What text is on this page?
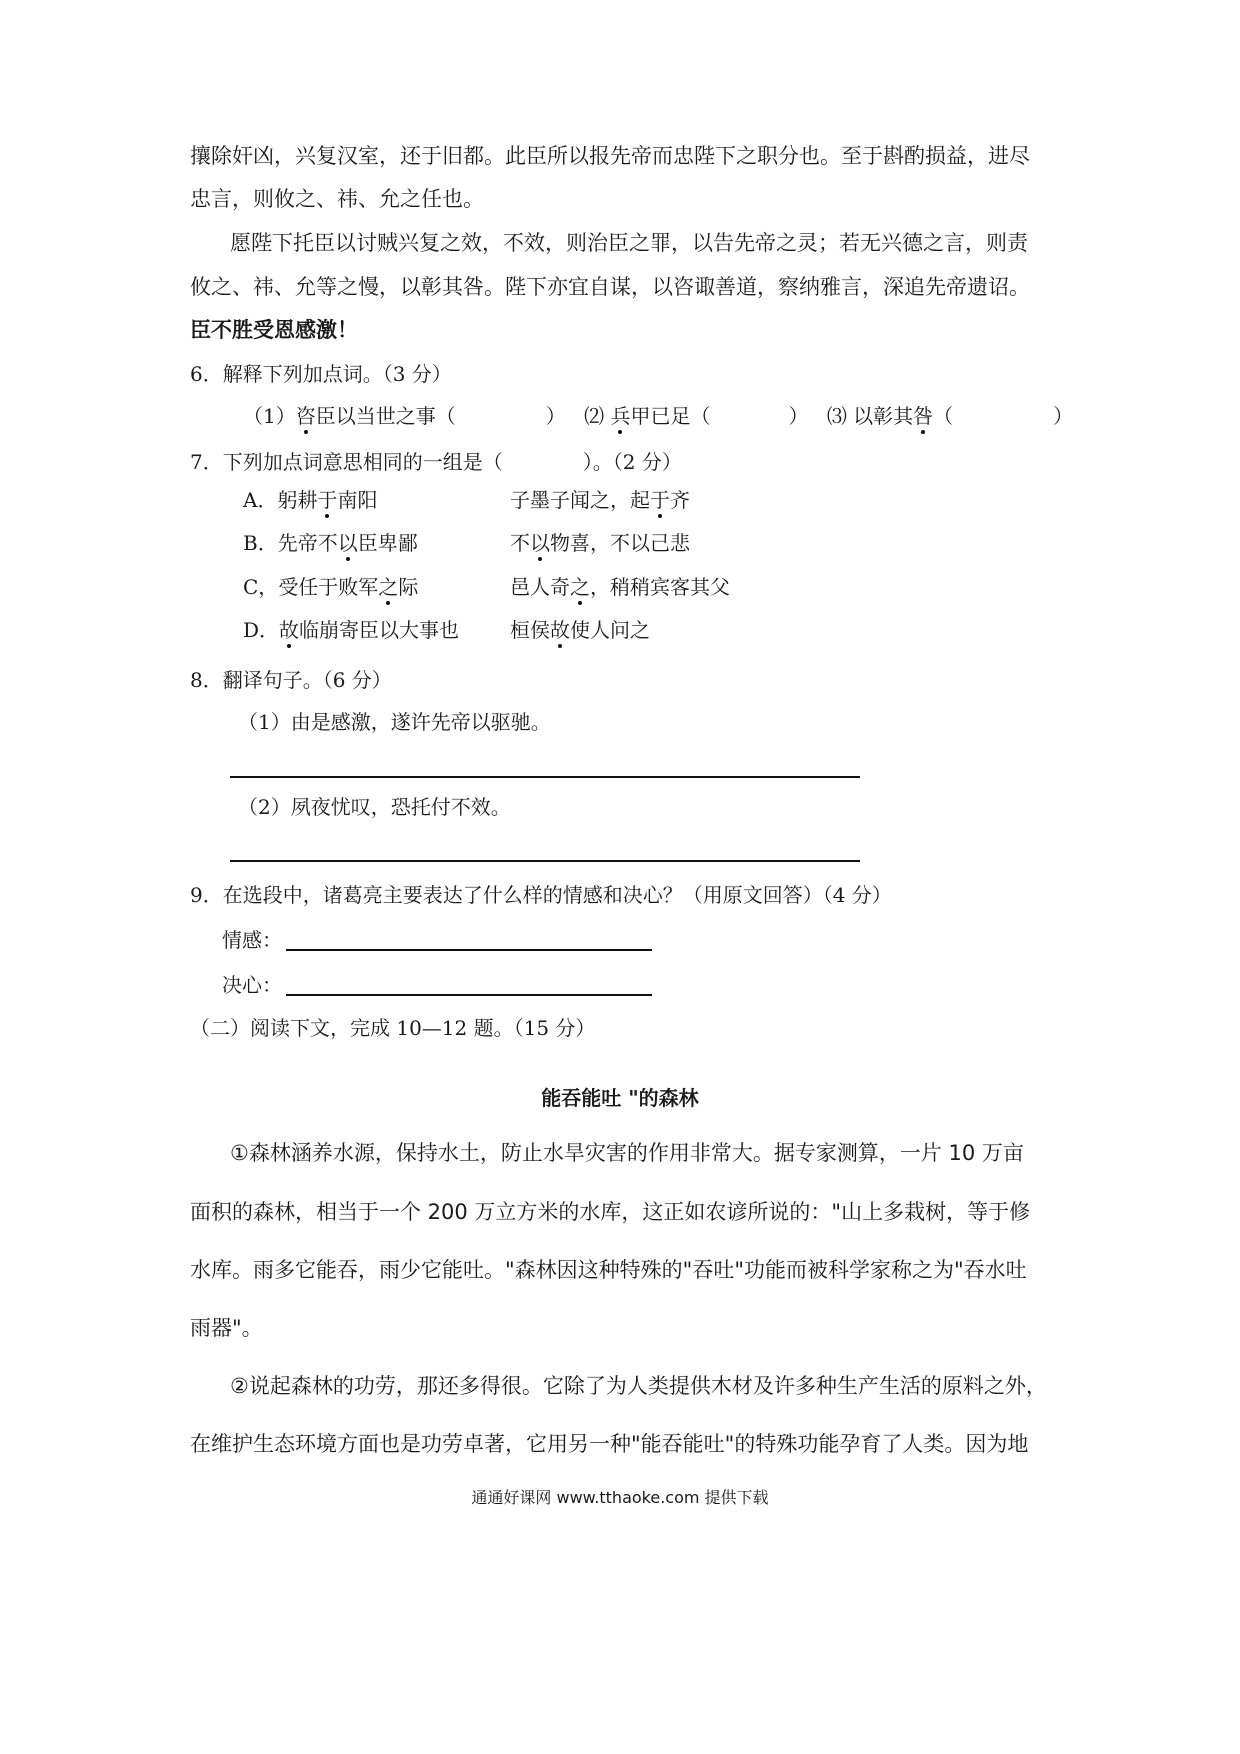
攘除奸凶，兴复汉室，还于旧都。此臣所以报先帝而忠陛下之职分也。至于斟酌损益，进尽
忠言，则攸之、祎、允之任也。
愿陛下托臣以讨贼兴复之效，不效，则治臣之罪，以告先帝之灵；若无兴德之言，则责
攸之、祎、允等之慢，以彰其咎。陛下亦宜自谋，以咨诹善道，察纳雅言，深追先帝遗诏。
臣不胜受恩感激！
6．解释下列加点词。（3 分）
（1）咨臣以当世之事（	） ⑵ 兵甲已足（	） ⑶ 以彰其咎（	）
7．下列加点词意思相同的一组是（	）。（2 分）
A．躬耕于南阳	子墨子闻之，起于齐
B．先帝不以臣卑鄙	不以物喜，不以己悲
C，受任于败军之际	邑人奇之，稍稍宾客其父
D．故临崩寄臣以大事也	桓侯故使人问之
8．翻译句子。（6 分）
（1）由是感激，遂许先帝以驱驰。
（2）夙夜忧叹，恐托付不效。
9．在选段中，诸葛亮主要表达了什么样的情感和决心？（用原文回答）（4 分）
情感：
决心：
（二）阅读下文，完成 10—12 题。（15 分）
能吞能吐 "的森林
①森林涵养水源，保持水土，防止水旱灾害的作用非常大。据专家测算，一片 10 万亩
面积的森林，相当于一个 200 万立方米的水库，这正如农谚所说的："山上多栽树，等于修
水库。雨多它能吞，雨少它能吐。"森林因这种特殊的"吞吐"功能而被科学家称之为"吞水吐
雨器"。
②说起森林的功劳，那还多得很。它除了为人类提供木材及许多种生产生活的原料之外，
在维护生态环境方面也是功劳卓著，它用另一种"能吞能吐"的特殊功能孕育了人类。因为地
通通好课网 www.tthaoke.com 提供下载
